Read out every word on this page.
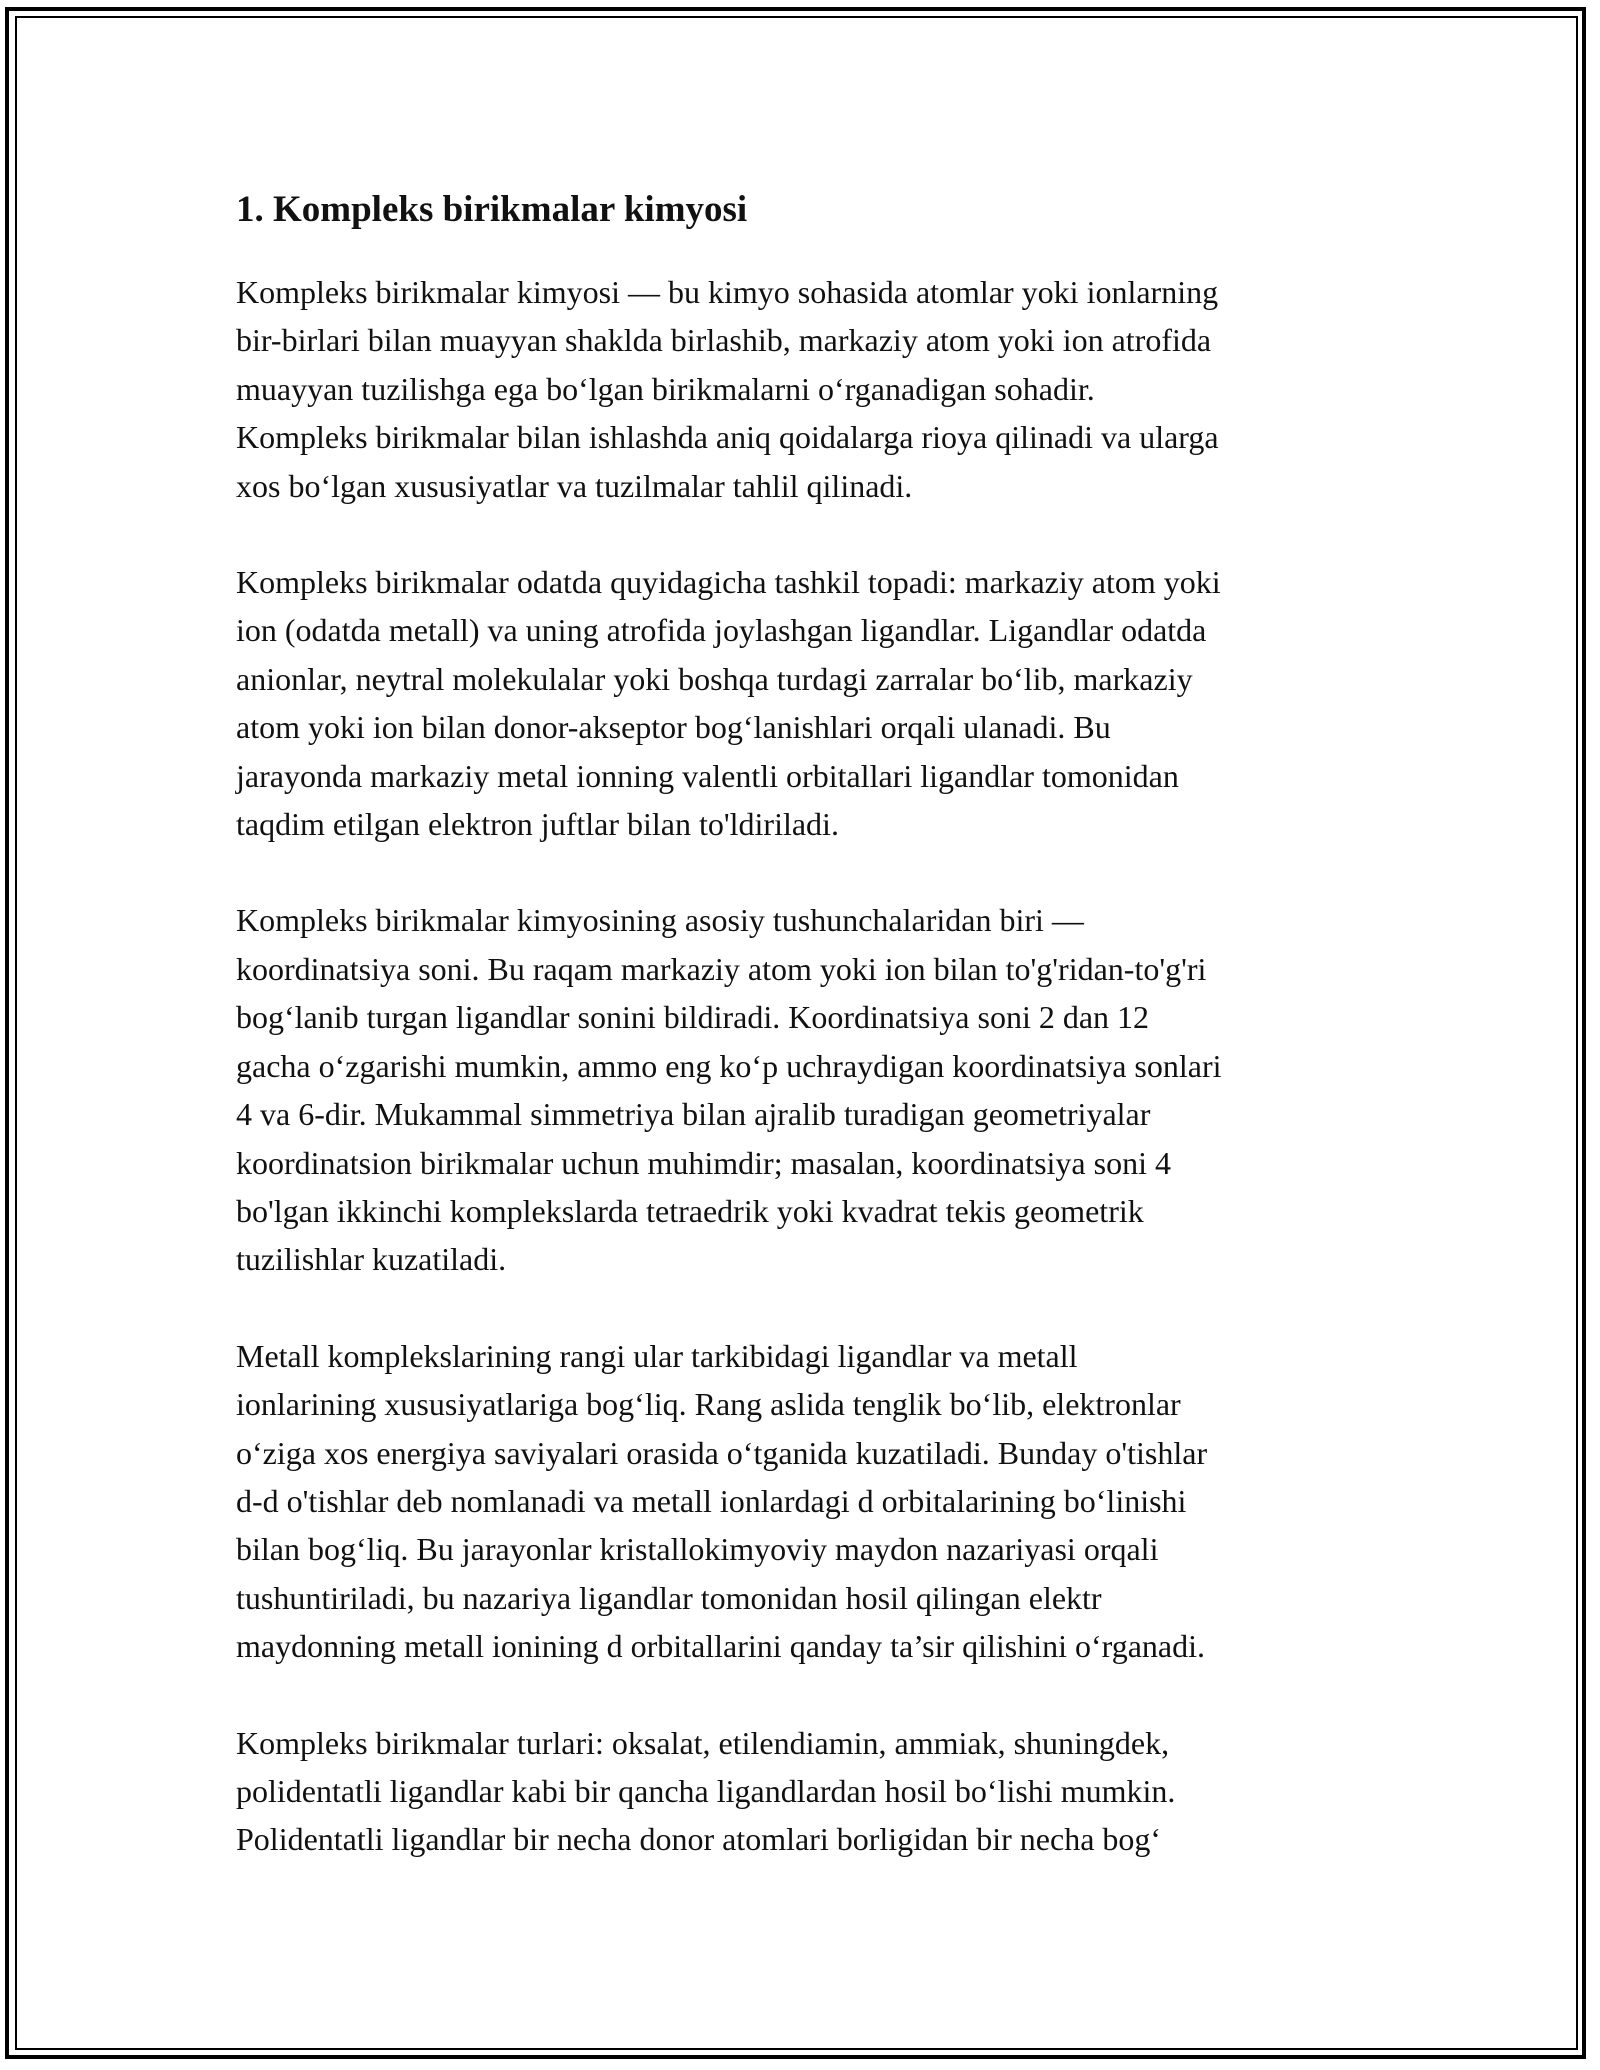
1. Kompleks birikmalar kimyosi

Kompleks birikmalar kimyosi — bu kimyo sohasida atomlar yoki ionlarning
bir-birlari bilan muayyan shaklda birlashib, markaziy atom yoki ion atrofida
muayyan tuzilishga ega bo‘lgan birikmalarni o‘rganadigan sohadir.
Kompleks birikmalar bilan ishlashda aniq qoidalarga rioya qilinadi va ularga
xos bo‘lgan xususiyatlar va tuzilmalar tahlil qilinadi.

Kompleks birikmalar odatda quyidagicha tashkil topadi: markaziy atom yoki
ion (odatda metall) va uning atrofida joylashgan ligandlar. Ligandlar odatda
anionlar, neytral molekulalar yoki boshqa turdagi zarralar bo‘lib, markaziy
atom yoki ion bilan donor-akseptor bog‘lanishlari orqali ulanadi. Bu
jarayonda markaziy metal ionning valentli orbitallari ligandlar tomonidan
taqdim etilgan elektron juftlar bilan to'ldiriladi.

Kompleks birikmalar kimyosining asosiy tushunchalaridan biri —
koordinatsiya soni. Bu raqam markaziy atom yoki ion bilan to'g'ridan-to'g'ri
bog‘lanib turgan ligandlar sonini bildiradi. Koordinatsiya soni 2 dan 12
gacha o‘zgarishi mumkin, ammo eng ko‘p uchraydigan koordinatsiya sonlari
4 va 6-dir. Mukammal simmetriya bilan ajralib turadigan geometriyalar
koordinatsion birikmalar uchun muhimdir; masalan, koordinatsiya soni 4
bo'lgan ikkinchi komplekslarda tetraedrik yoki kvadrat tekis geometrik
tuzilishlar kuzatiladi.

Metall komplekslarining rangi ular tarkibidagi ligandlar va metall
ionlarining xususiyatlariga bog‘liq. Rang aslida tenglik bo‘lib, elektronlar
o‘ziga xos energiya saviyalari orasida o‘tganida kuzatiladi. Bunday o'tishlar
d-d o'tishlar deb nomlanadi va metall ionlardagi d orbitalarining bo‘linishi
bilan bog‘liq. Bu jarayonlar kristallokimyoviy maydon nazariyasi orqali
tushuntiriladi, bu nazariya ligandlar tomonidan hosil qilingan elektr
maydonning metall ionining d orbitallarini qanday ta’sir qilishini o‘rganadi.

Kompleks birikmalar turlari: oksalat, etilendiamin, ammiak, shuningdek,
polidentatli ligandlar kabi bir qancha ligandlardan hosil bo‘lishi mumkin.
Polidentatli ligandlar bir necha donor atomlari borligidan bir necha bog‘
